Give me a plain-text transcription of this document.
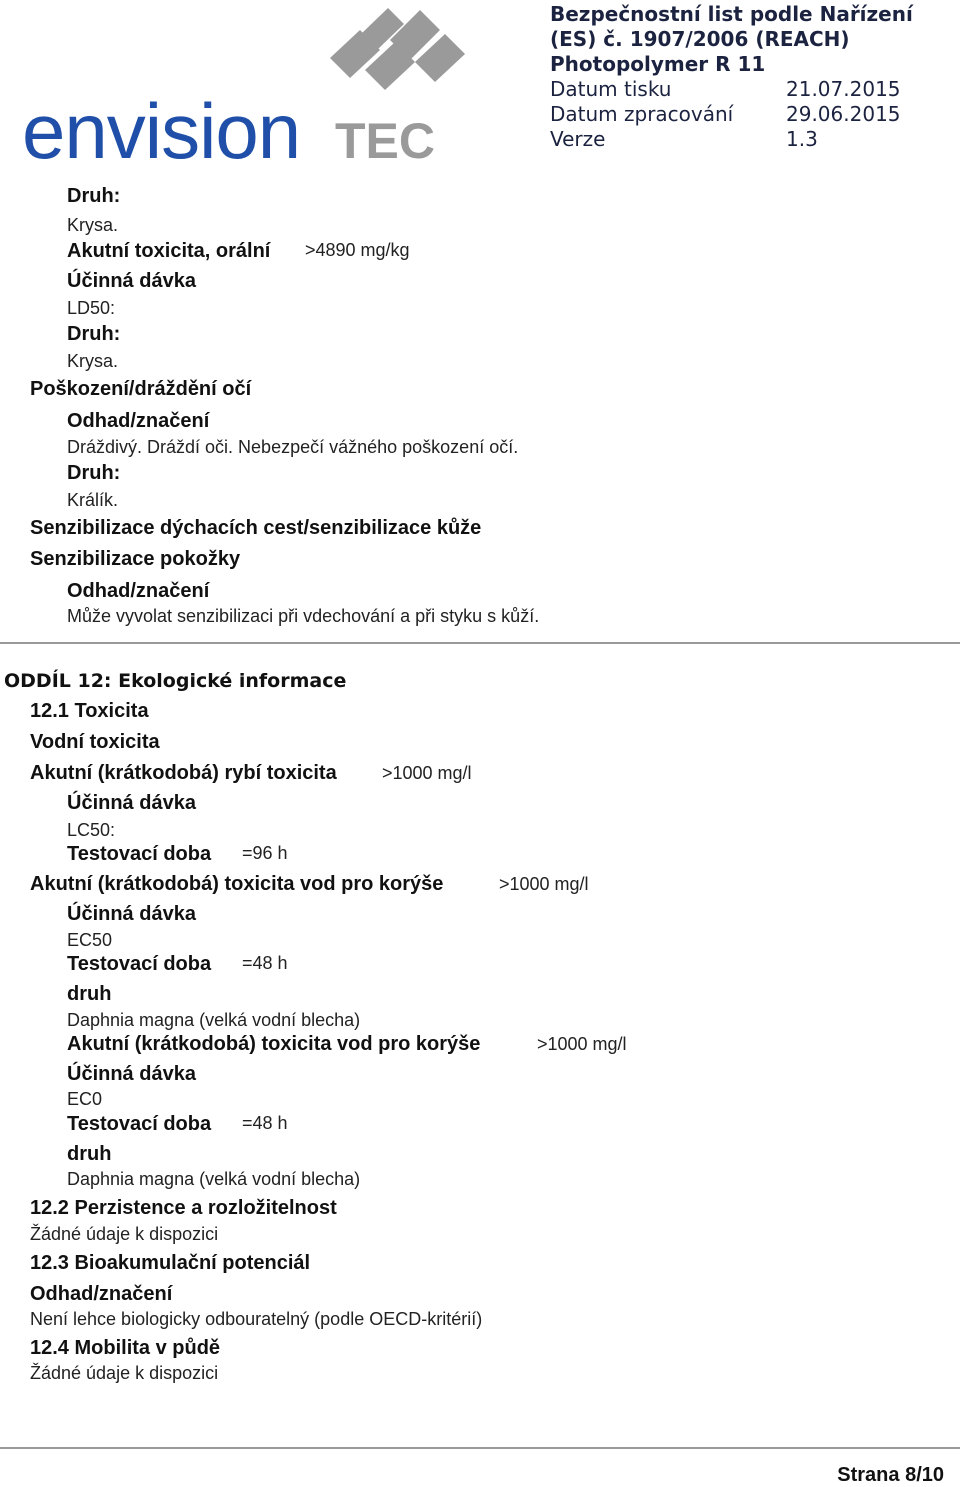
envision TEC
Bezpečnostní list podle Nařízení
(ES) č. 1907/2006 (REACH)
Photopolymer R 11
Datum tisku	21.07.2015
Datum zpracování	29.06.2015
Verze	1.3
Druh:
Krysa.
Akutní toxicita, orální >4890 mg/kg
Účinná dávka
LD50:
Druh:
Krysa.
Poškození/dráždění očí
Odhad/značení
Dráždivý. Dráždí oči. Nebezpečí vážného poškození očí.
Druh:
Králík.
Senzibilizace dýchacích cest/senzibilizace kůže
Senzibilizace pokožky
Odhad/značení
Může vyvolat senzibilizaci při vdechování a při styku s kůží.
ODDÍL 12: Ekologické informace
12.1 Toxicita
Vodní toxicita
Akutní (krátkodobá) rybí toxicita	>1000 mg/l
Účinná dávka
LC50:
Testovací doba =96 h
Akutní (krátkodobá) toxicita vod pro korýše	>1000 mg/l
Účinná dávka
EC50
Testovací doba =48 h
druh
Daphnia magna (velká vodní blecha)
Akutní (krátkodobá) toxicita vod pro korýše	>1000 mg/l
Účinná dávka
EC0
Testovací doba =48 h
druh
Daphnia magna (velká vodní blecha)
12.2 Perzistence a rozložitelnost
Žádné údaje k dispozici
12.3 Bioakumulační potenciál
Odhad/značení
Není lehce biologicky odbouratelný (podle OECD-kritérií)
12.4 Mobilita v půdě
Žádné údaje k dispozici
Strana 8/10
